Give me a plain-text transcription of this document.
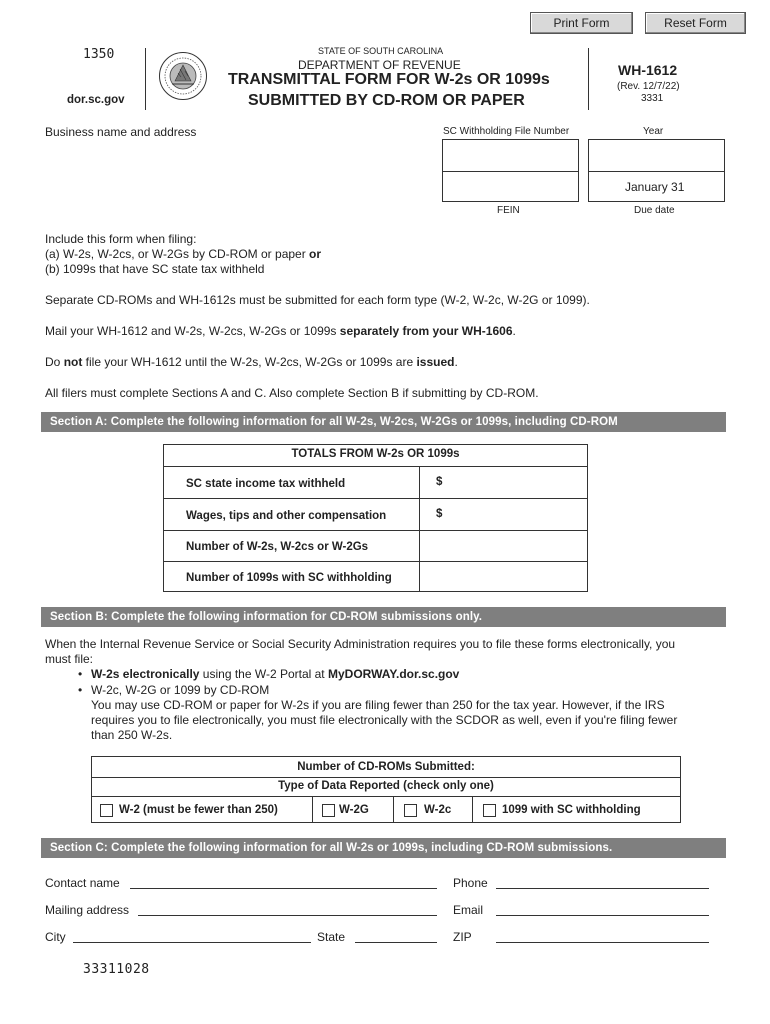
Print Form	Reset Form
1350
dor.sc.gov
STATE OF SOUTH CAROLINA
DEPARTMENT OF REVENUE
TRANSMITTAL FORM FOR W-2s OR 1099s
SUBMITTED BY CD-ROM OR PAPER
WH-1612
(Rev. 12/7/22)
3331
Business name and address	SC Withholding File Number	Year
January 31
FEIN	Due date
Include this form when filing:
(a) W-2s, W-2cs, or W-2Gs by CD-ROM or paper or
(b) 1099s that have SC state tax withheld
Separate CD-ROMs and WH-1612s must be submitted for each form type (W-2, W-2c, W-2G or 1099).
Mail your WH-1612 and W-2s, W-2cs, W-2Gs or 1099s separately from your WH-1606.
Do not file your WH-1612 until the W-2s, W-2cs, W-2Gs or 1099s are issued.
All filers must complete Sections A and C. Also complete Section B if submitting by CD-ROM.
Section A: Complete the following information for all W-2s, W-2cs, W-2Gs or 1099s, including CD-ROM
TOTALS FROM W-2s OR 1099s
SC state income tax withheld	$
Wages, tips and other compensation	$
Number of W-2s, W-2cs or W-2Gs
Number of 1099s with SC withholding
Section B: Complete the following information for CD-ROM submissions only.
When the Internal Revenue Service or Social Security Administration requires you to file these forms electronically, you
must file:
• W-2s electronically using the W-2 Portal at MyDORWAY.dor.sc.gov
• W-2c, W-2G or 1099 by CD-ROM
You may use CD-ROM or paper for W-2s if you are filing fewer than 250 for the tax year. However, if the IRS
requires you to file electronically, you must file electronically with the SCDOR as well, even if you're filing fewer
than 250 W-2s.
Number of CD-ROMs Submitted:
Type of Data Reported (check only one)
W-2 (must be fewer than 250)	W-2G	W-2c	1099 with SC withholding
Section C: Complete the following information for all W-2s or 1099s, including CD-ROM submissions.
Contact name	Phone
Mailing address	Email
City	State	ZIP
33311028
